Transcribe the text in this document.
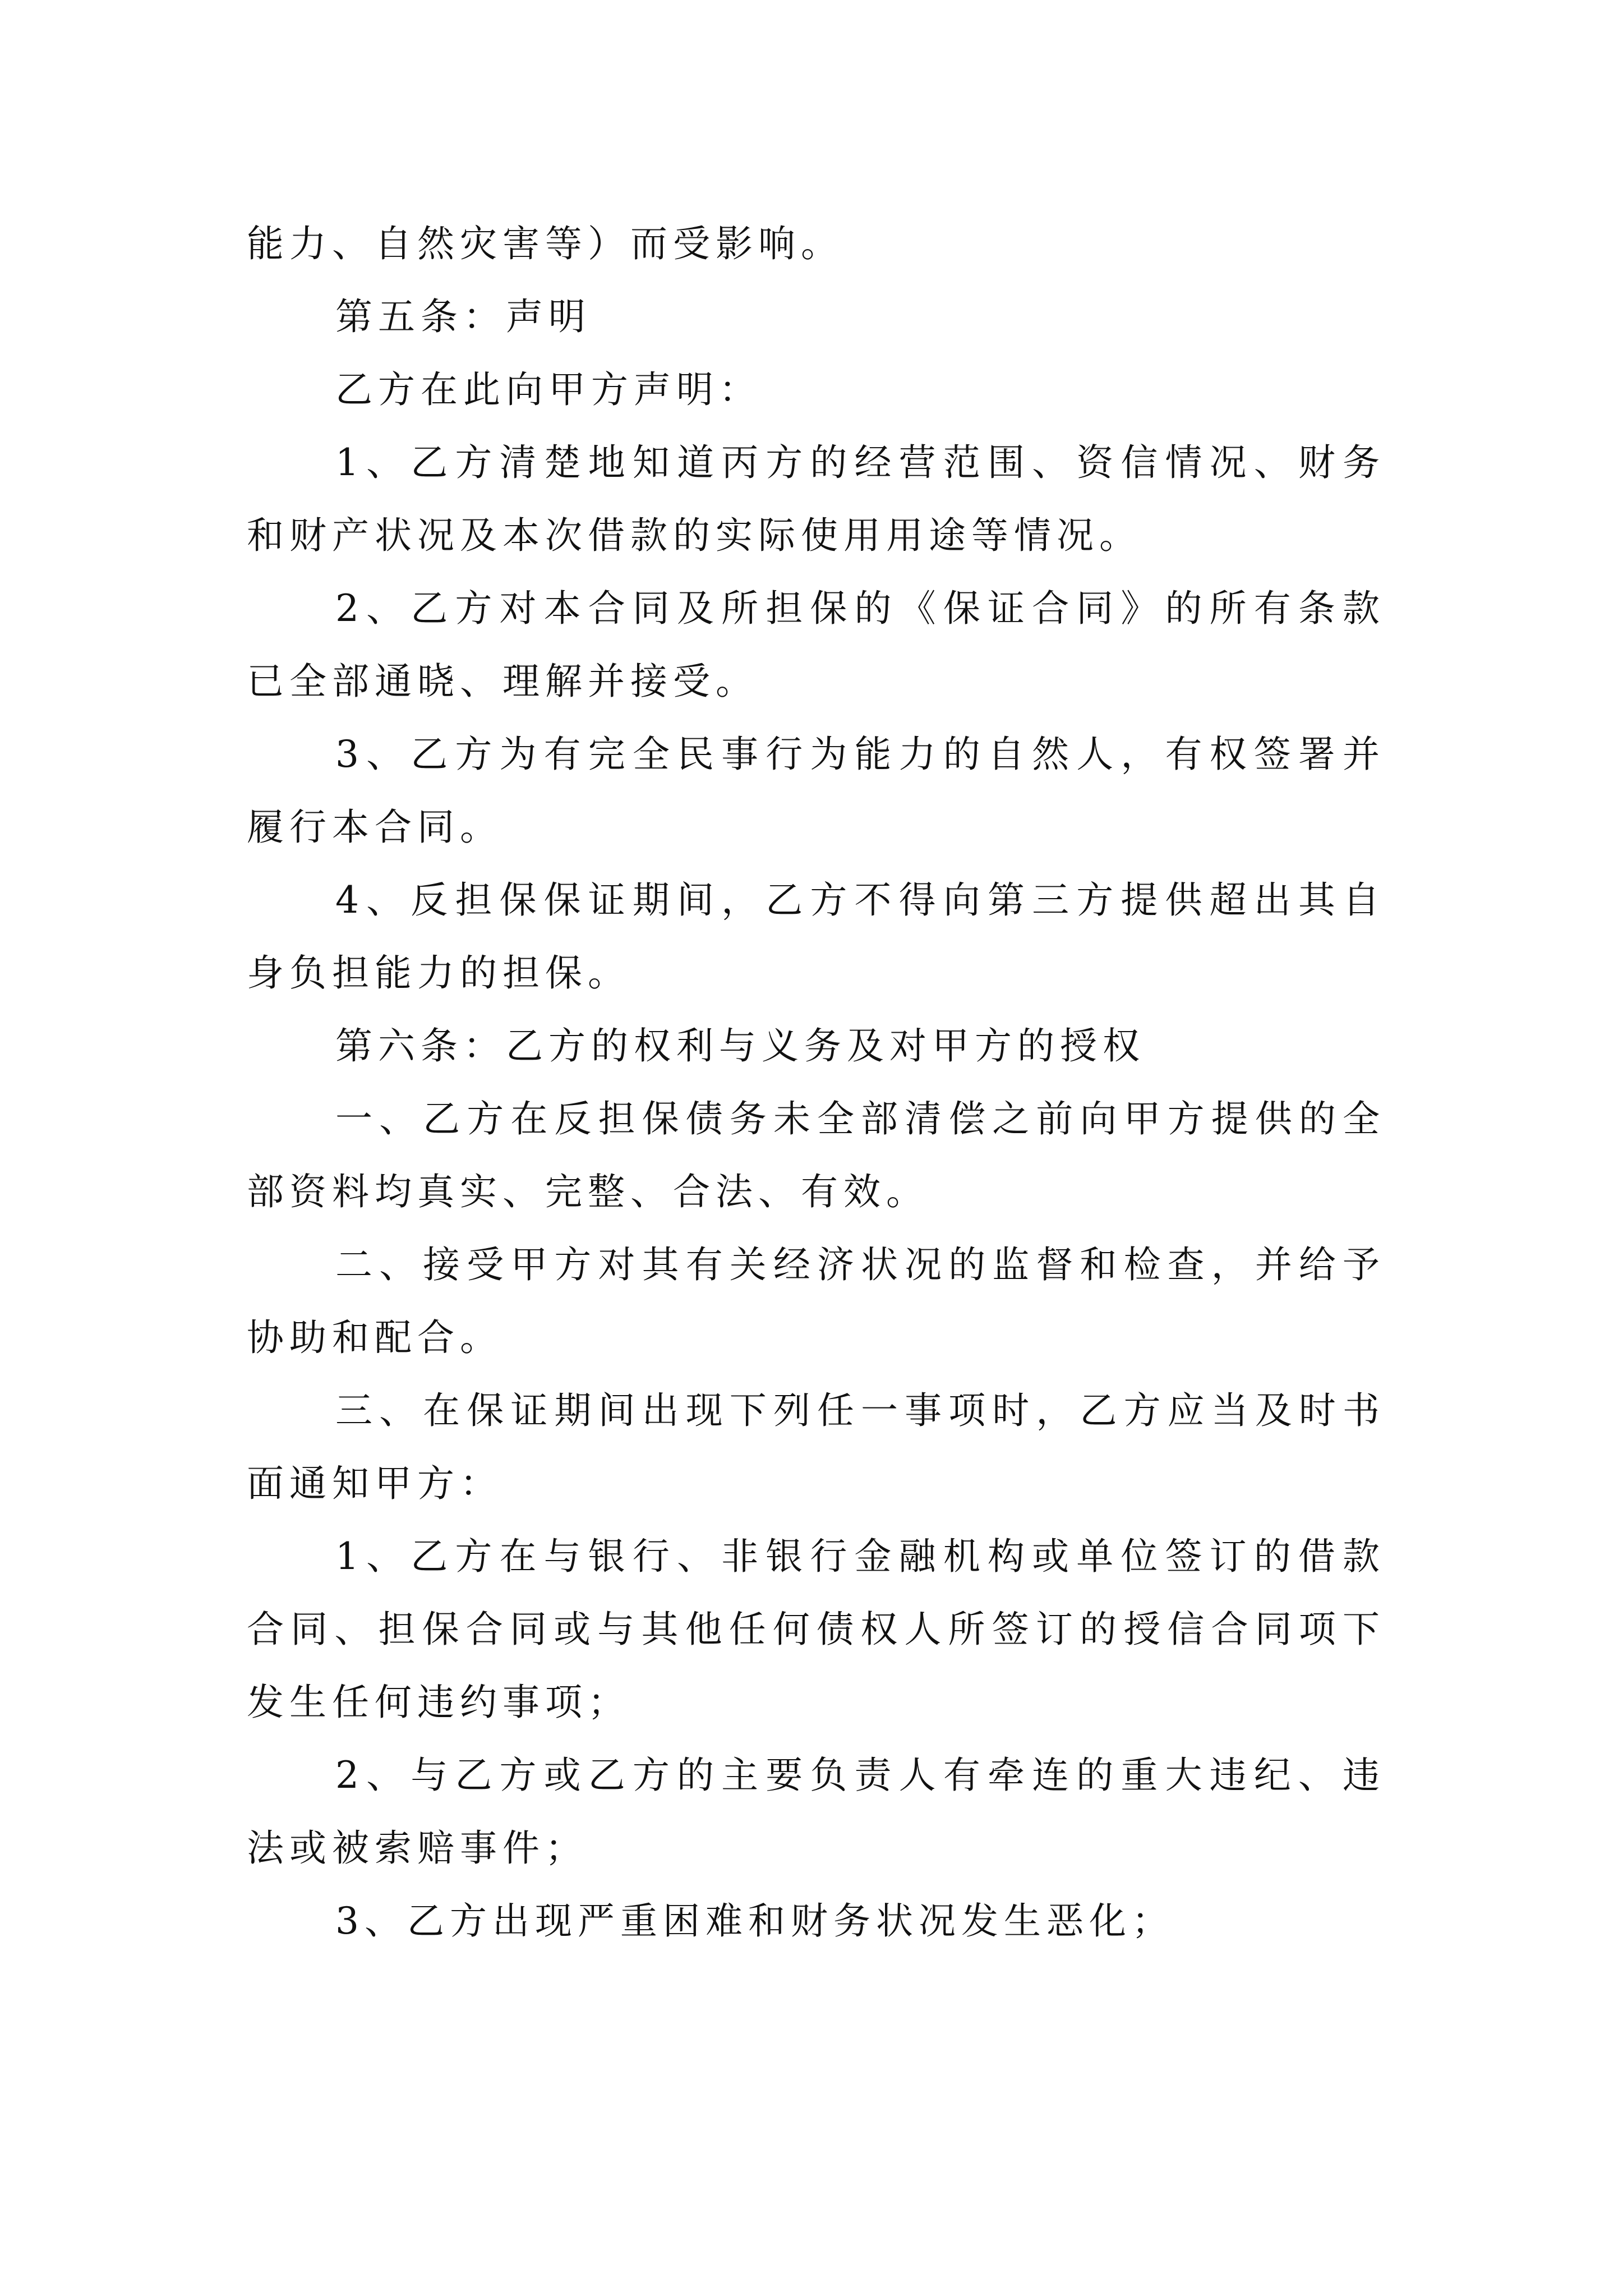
能力、自然灾害等）而受影响。

第五条：声明

乙方在此向甲方声明：

1、乙方清楚地知道丙方的经营范围、资信情况、财务和财产状况及本次借款的实际使用用途等情况。

2、乙方对本合同及所担保的《保证合同》的所有条款已全部通晓、理解并接受。

3、乙方为有完全民事行为能力的自然人，有权签署并履行本合同。

4、反担保保证期间，乙方不得向第三方提供超出其自身负担能力的担保。

第六条：乙方的权利与义务及对甲方的授权

一、乙方在反担保债务未全部清偿之前向甲方提供的全部资料均真实、完整、合法、有效。

二、接受甲方对其有关经济状况的监督和检查，并给予协助和配合。

三、在保证期间出现下列任一事项时，乙方应当及时书面通知甲方：

1、乙方在与银行、非银行金融机构或单位签订的借款合同、担保合同或与其他任何债权人所签订的授信合同项下发生任何违约事项；

2、与乙方或乙方的主要负责人有牵连的重大违纪、违法或被索赔事件；

3、乙方出现严重困难和财务状况发生恶化；
